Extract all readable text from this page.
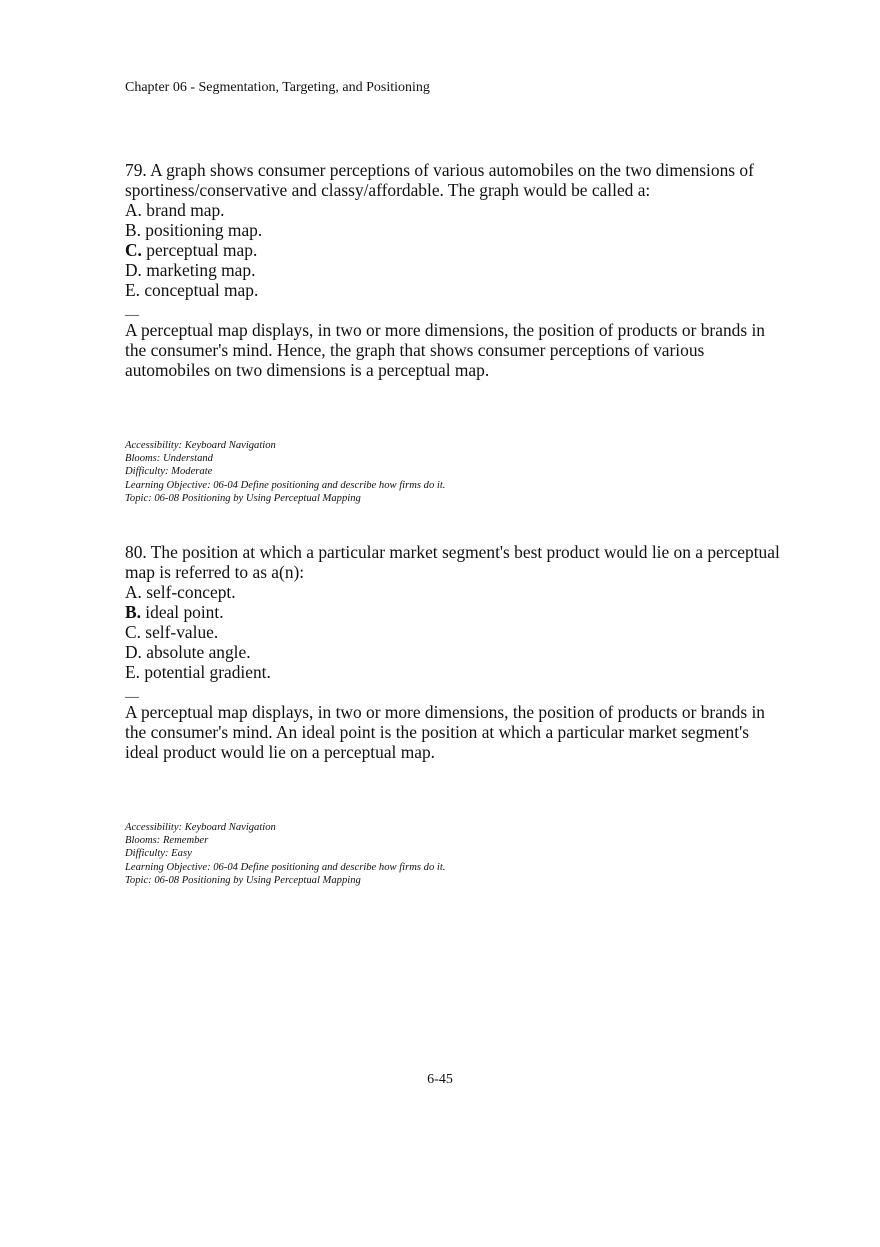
Chapter 06 - Segmentation, Targeting, and Positioning

79. A graph shows consumer perceptions of various automobiles on the two dimensions of sportiness/conservative and classy/affordable. The graph would be called a:

A. brand map.
B. positioning map.
C. perceptual map.
D. marketing map.
E. conceptual map.
__

A perceptual map displays, in two or more dimensions, the position of products or brands in the consumer's mind. Hence, the graph that shows consumer perceptions of various automobiles on two dimensions is a perceptual map.

Accessibility: Keyboard Navigation
Blooms: Understand
Difficulty: Moderate
Learning Objective: 06-04 Define positioning and describe how firms do it.
Topic: 06-08 Positioning by Using Perceptual Mapping

80. The position at which a particular market segment's best product would lie on a perceptual map is referred to as a(n):

A. self-concept.
B. ideal point.
C. self-value.
D. absolute angle.
E. potential gradient.
__

A perceptual map displays, in two or more dimensions, the position of products or brands in the consumer's mind. An ideal point is the position at which a particular market segment's ideal product would lie on a perceptual map.

Accessibility: Keyboard Navigation
Blooms: Remember
Difficulty: Easy
Learning Objective: 06-04 Define positioning and describe how firms do it.
Topic: 06-08 Positioning by Using Perceptual Mapping
6-45
